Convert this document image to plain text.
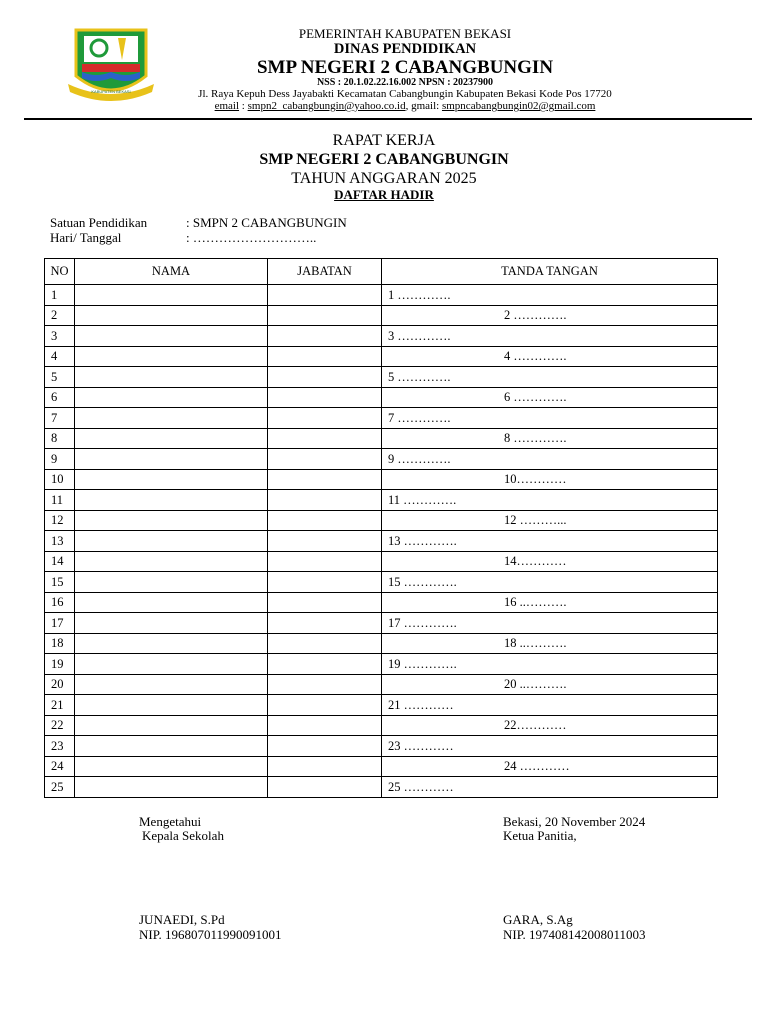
KABUPATEN BEKASI
PEMERINTAH KABUPATEN BEKASI
DINAS PENDIDIKAN
SMP NEGERI 2 CABANGBUNGIN
NSS : 20.1.02.22.16.002 NPSN : 20237900
Jl. Raya Kepuh Dess Jayabakti Kecamatan Cabangbungin Kabupaten Bekasi Kode Pos 17720
email : smpn2_cabangbungin@yahoo.co.id, gmail: smpncabangbungin02@gmail.com
RAPAT KERJA
SMP NEGERI 2 CABANGBUNGIN
TAHUN ANGGARAN 2025
DAFTAR HADIR
Satuan Pendidikan	: SMPN 2 CABANGBUNGIN
Hari/ Tanggal	: ………………………..
NO	NAMA	JABATAN	TANDA TANGAN
1			1 ………….
2			2 ………….
3			3 ………….
4			4 ………….
5			5 ………….
6			6 ………….
7			7 ………….
8			8 ………….
9			9 ………….
10			10…………
11			11 ………….
12			12 ………...
13			13 ………….
14			14…………
15			15 ………….
16			16 ..……….
17			17 ………….
18			18 ..……….
19			19 ………….
20			20 ..……….
21			21 …………
22			22…………
23			23 …………
24			24 …………
25			25 …………
Mengetahui
Kepala Sekolah
JUNAEDI, S.Pd
NIP. 196807011990091001
Bekasi, 20 November 2024
Ketua Panitia,
GARA, S.Ag
NIP. 197408142008011003
